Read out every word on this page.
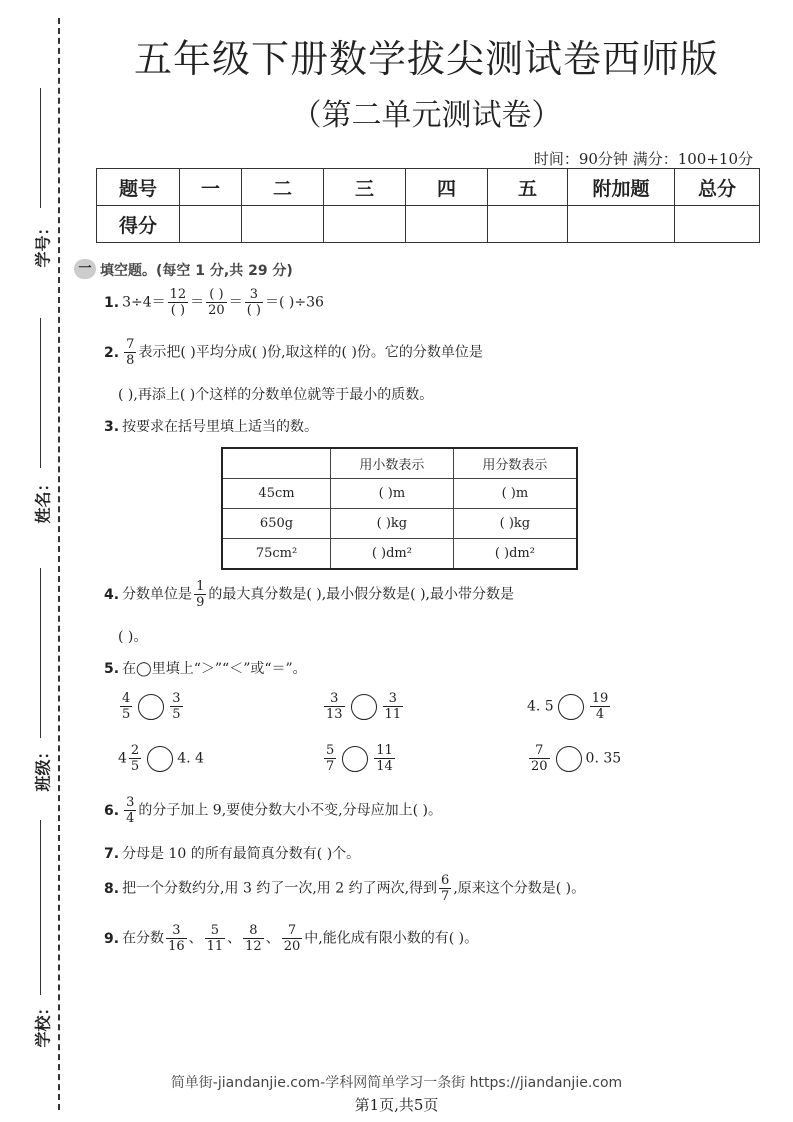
学号：
姓名：
班级：
学校：
五年级下册数学拔尖测试卷西师版
（第二单元测试卷）
时间：90分钟 满分：100+10分
题号	一	二	三	四	五	附加题	总分
得分							
一 填空题。(每空 1 分,共 29 分)
1. $3\div 4= \frac{12}{( )} = \frac{( )}{20} = \frac{3}{( )}$ ＝( )÷36
2. $\frac{7}{8}$ 表示把( )平均分成( )份,取这样的( )份。它的分数单位是
( ),再添上( )个这样的分数单位就等于最小的质数。
3. 按要求在括号里填上适当的数。
	用小数表示	用分数表示
45cm	( )m	( )m
650g	( )kg	( )kg
75cm²	( )dm²	( )dm²
4. 分数单位是 $\frac{1}{9}$ 的最大真分数是( ),最小假分数是( ),最小带分数是
( )。
5. 在◯里填上“＞”“＜”或“＝”。
$\frac{4}{5}$	$\frac{3}{5}$	$\frac{3}{13}$	$\frac{3}{11}$	4. 5	$\frac{19}{4}$
$4 \frac{2}{5}$	4. 4	$\frac{5}{7}$	$\frac{11}{14}$	$\frac{7}{20}$	0. 35
6. $\frac{3}{4}$ 的分子加上 9,要使分数大小不变,分母应加上( )。
7. 分母是 10 的所有最简真分数有( )个。
8. 把一个分数约分,用 3 约了一次,用 2 约了两次,得到 $\frac{6}{7}$ ,原来这个分数是( )。
9. 在分数 $\frac{3}{16}$ 、 $\frac{5}{11}$ 、 $\frac{8}{12}$ 、 $\frac{7}{20}$ 中,能化成有限小数的有( )。
简单街-jiandanjie.com-学科网简单学习一条街 https://jiandanjie.com
第1页,共5页
